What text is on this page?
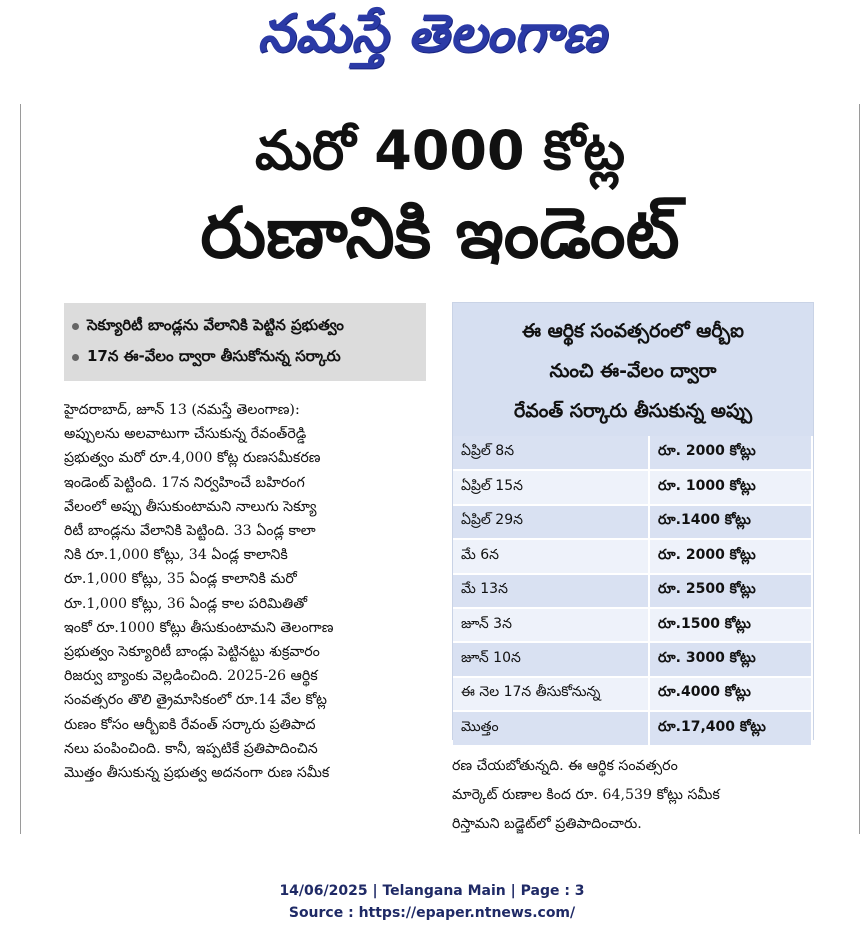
నమస్తే తెలంగాణ
మరో 4000 కోట్ల
రుణానికి ఇండెంట్
సెక్యూరిటీ బాండ్లను వేలానికి పెట్టిన ప్రభుత్వం
17న ఈ-వేలం ద్వారా తీసుకోనున్న సర్కారు
హైదరాబాద్, జూన్ 13 (నమస్తే తెలంగాణ):
అప్పులను అలవాటుగా చేసుకున్న రేవంత్‌రెడ్డి
ప్రభుత్వం మరో రూ.4,000 కోట్ల రుణసమీకరణ
ఇండెంట్ పెట్టింది. 17న నిర్వహించే బహిరంగ
వేలంలో అప్పు తీసుకుంటామని నాలుగు సెక్యూ
రిటీ బాండ్లను వేలానికి పెట్టింది. 33 ఏండ్ల కాలా
నికి రూ.1,000 కోట్లు, 34 ఏండ్ల కాలానికి
రూ.1,000 కోట్లు, 35 ఏండ్ల కాలానికి మరో
రూ.1,000 కోట్లు, 36 ఏండ్ల కాల పరిమితితో
ఇంకో రూ.1000 కోట్లు తీసుకుంటామని తెలంగాణ
ప్రభుత్వం సెక్యూరిటీ బాండ్లు పెట్టినట్టు శుక్రవారం
రిజర్వు బ్యాంకు వెల్లడించింది. 2025-26 ఆర్థిక
సంవత్సరం తొలి త్రైమాసికంలో రూ.14 వేల కోట్ల
రుణం కోసం ఆర్బీఐకి రేవంత్ సర్కారు ప్రతిపాద
నలు పంపించింది. కానీ, ఇప్పటికే ప్రతిపాదించిన
మొత్తం తీసుకున్న ప్రభుత్వ అదనంగా రుణ సమీక
ఈ ఆర్థిక సంవత్సరంలో ఆర్బీఐ
నుంచి ఈ-వేలం ద్వారా
రేవంత్ సర్కారు తీసుకున్న అప్పు
ఏప్రిల్ 8న	రూ. 2000 కోట్లు
ఏప్రిల్ 15న	రూ. 1000 కోట్లు
ఏప్రిల్ 29న	రూ.1400 కోట్లు
మే 6న	రూ. 2000 కోట్లు
మే 13న	రూ. 2500 కోట్లు
జూన్ 3న	రూ.1500 కోట్లు
జూన్ 10న	రూ. 3000 కోట్లు
ఈ నెల 17న తీసుకోనున్న	రూ.4000 కోట్లు
మొత్తం	రూ.17,400 కోట్లు
రణ చేయబోతున్నది. ఈ ఆర్థిక సంవత్సరం
మార్కెట్ రుణాల కింద రూ. 64,539 కోట్లు సమీక
రిస్తామని బడ్జెట్‌లో ప్రతిపాదించారు.
14/06/2025 | Telangana Main | Page : 3
Source : https://epaper.ntnews.com/
